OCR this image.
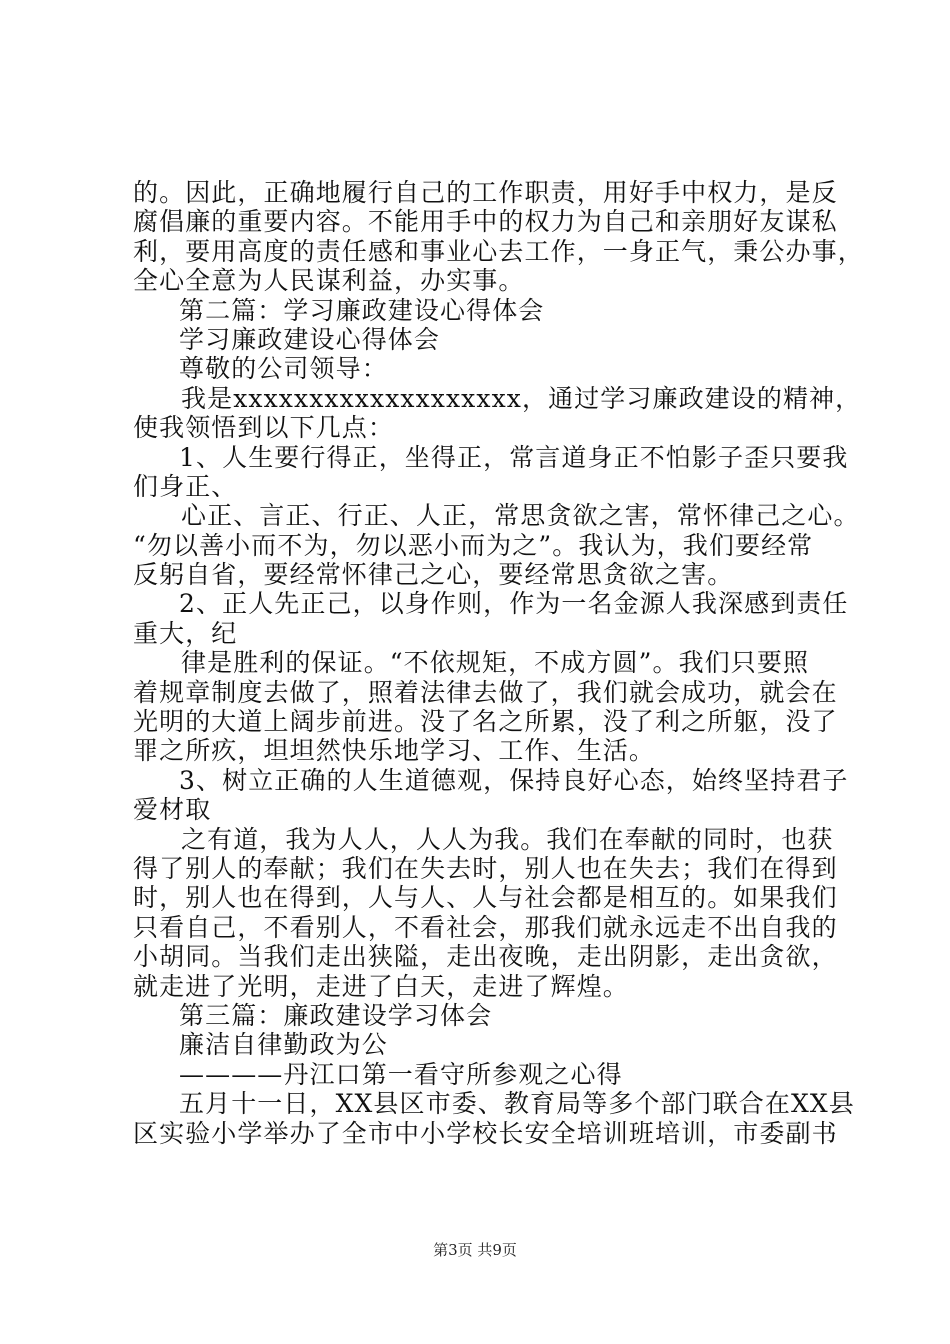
的。因此，正确地履行自己的工作职责，用好手中权力，是反
腐倡廉的重要内容。不能用手中的权力为自己和亲朋好友谋私
利，要用高度的责任感和事业心去工作，一身正气，秉公办事，
全心全意为人民谋利益，办实事。
第二篇：学习廉政建设心得体会
学习廉政建设心得体会
尊敬的公司领导：
我是xxxxxxxxxxxxxxxxxxx，通过学习廉政建设的精神，
使我领悟到以下几点：
1、人生要行得正，坐得正，常言道身正不怕影子歪只要我
们身正、
心正、言正、行正、人正，常思贪欲之害，常怀律己之心。
“勿以善小而不为，勿以恶小而为之”。我认为，我们要经常
反躬自省，要经常怀律己之心，要经常思贪欲之害。
2、正人先正己，以身作则，作为一名金源人我深感到责任
重大，纪
律是胜利的保证。“不依规矩，不成方圆”。我们只要照
着规章制度去做了，照着法律去做了，我们就会成功，就会在
光明的大道上阔步前进。没了名之所累，没了利之所躯，没了
罪之所疚，坦坦然快乐地学习、工作、生活。
3、树立正确的人生道德观，保持良好心态，始终坚持君子
爱材取
之有道，我为人人，人人为我。我们在奉献的同时，也获
得了别人的奉献；我们在失去时，别人也在失去；我们在得到
时，别人也在得到，人与人、人与社会都是相互的。如果我们
只看自己，不看别人，不看社会，那我们就永远走不出自我的
小胡同。当我们走出狭隘，走出夜晚，走出阴影，走出贪欲，
就走进了光明，走进了白天，走进了辉煌。
第三篇：廉政建设学习体会
廉洁自律勤政为公
————丹江口第一看守所参观之心得
五月十一日，XX县区市委、教育局等多个部门联合在XX县
区实验小学举办了全市中小学校长安全培训班培训，市委副书
第3页 共9页
